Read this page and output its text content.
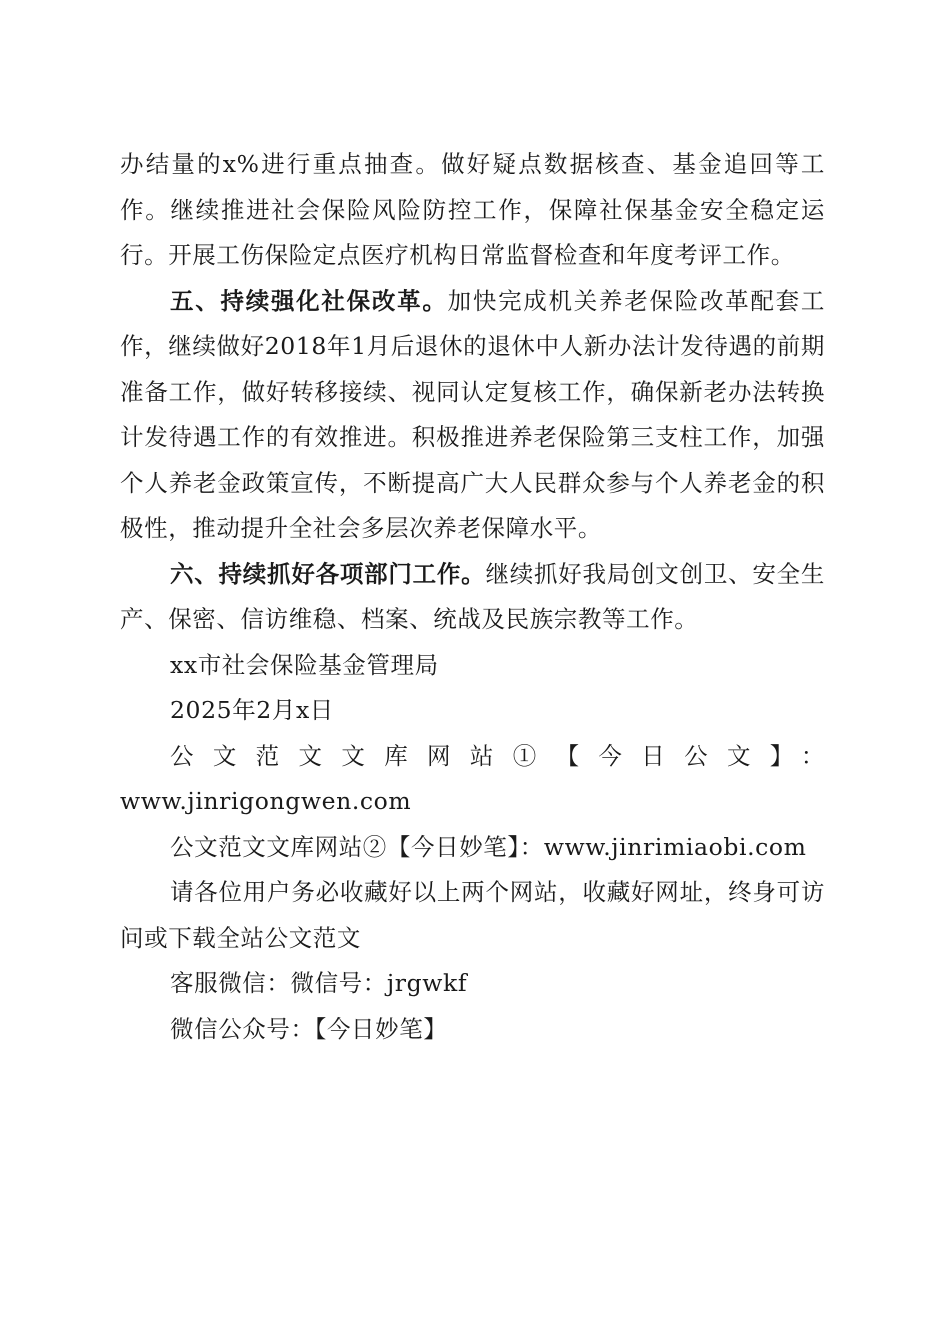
办结量的x%进行重点抽查。做好疑点数据核查、基金追回等工作。继续推进社会保险风险防控工作，保障社保基金安全稳定运行。开展工伤保险定点医疗机构日常监督检查和年度考评工作。

五、持续强化社保改革。加快完成机关养老保险改革配套工作，继续做好2018年1月后退休的退休中人新办法计发待遇的前期准备工作，做好转移接续、视同认定复核工作，确保新老办法转换计发待遇工作的有效推进。积极推进养老保险第三支柱工作，加强个人养老金政策宣传，不断提高广大人民群众参与个人养老金的积极性，推动提升全社会多层次养老保障水平。

六、持续抓好各项部门工作。继续抓好我局创文创卫、安全生产、保密、信访维稳、档案、统战及民族宗教等工作。

xx市社会保险基金管理局

2025年2月x日

公文范文文库网站①【今日公文】：

www.jinrigongwen.com

公文范文文库网站②【今日妙笔】：www.jinrimiaobi.com

请各位用户务必收藏好以上两个网站，收藏好网址，终身可访问或下载全站公文范文

客服微信：微信号：jrgwkf

微信公众号：【今日妙笔】
